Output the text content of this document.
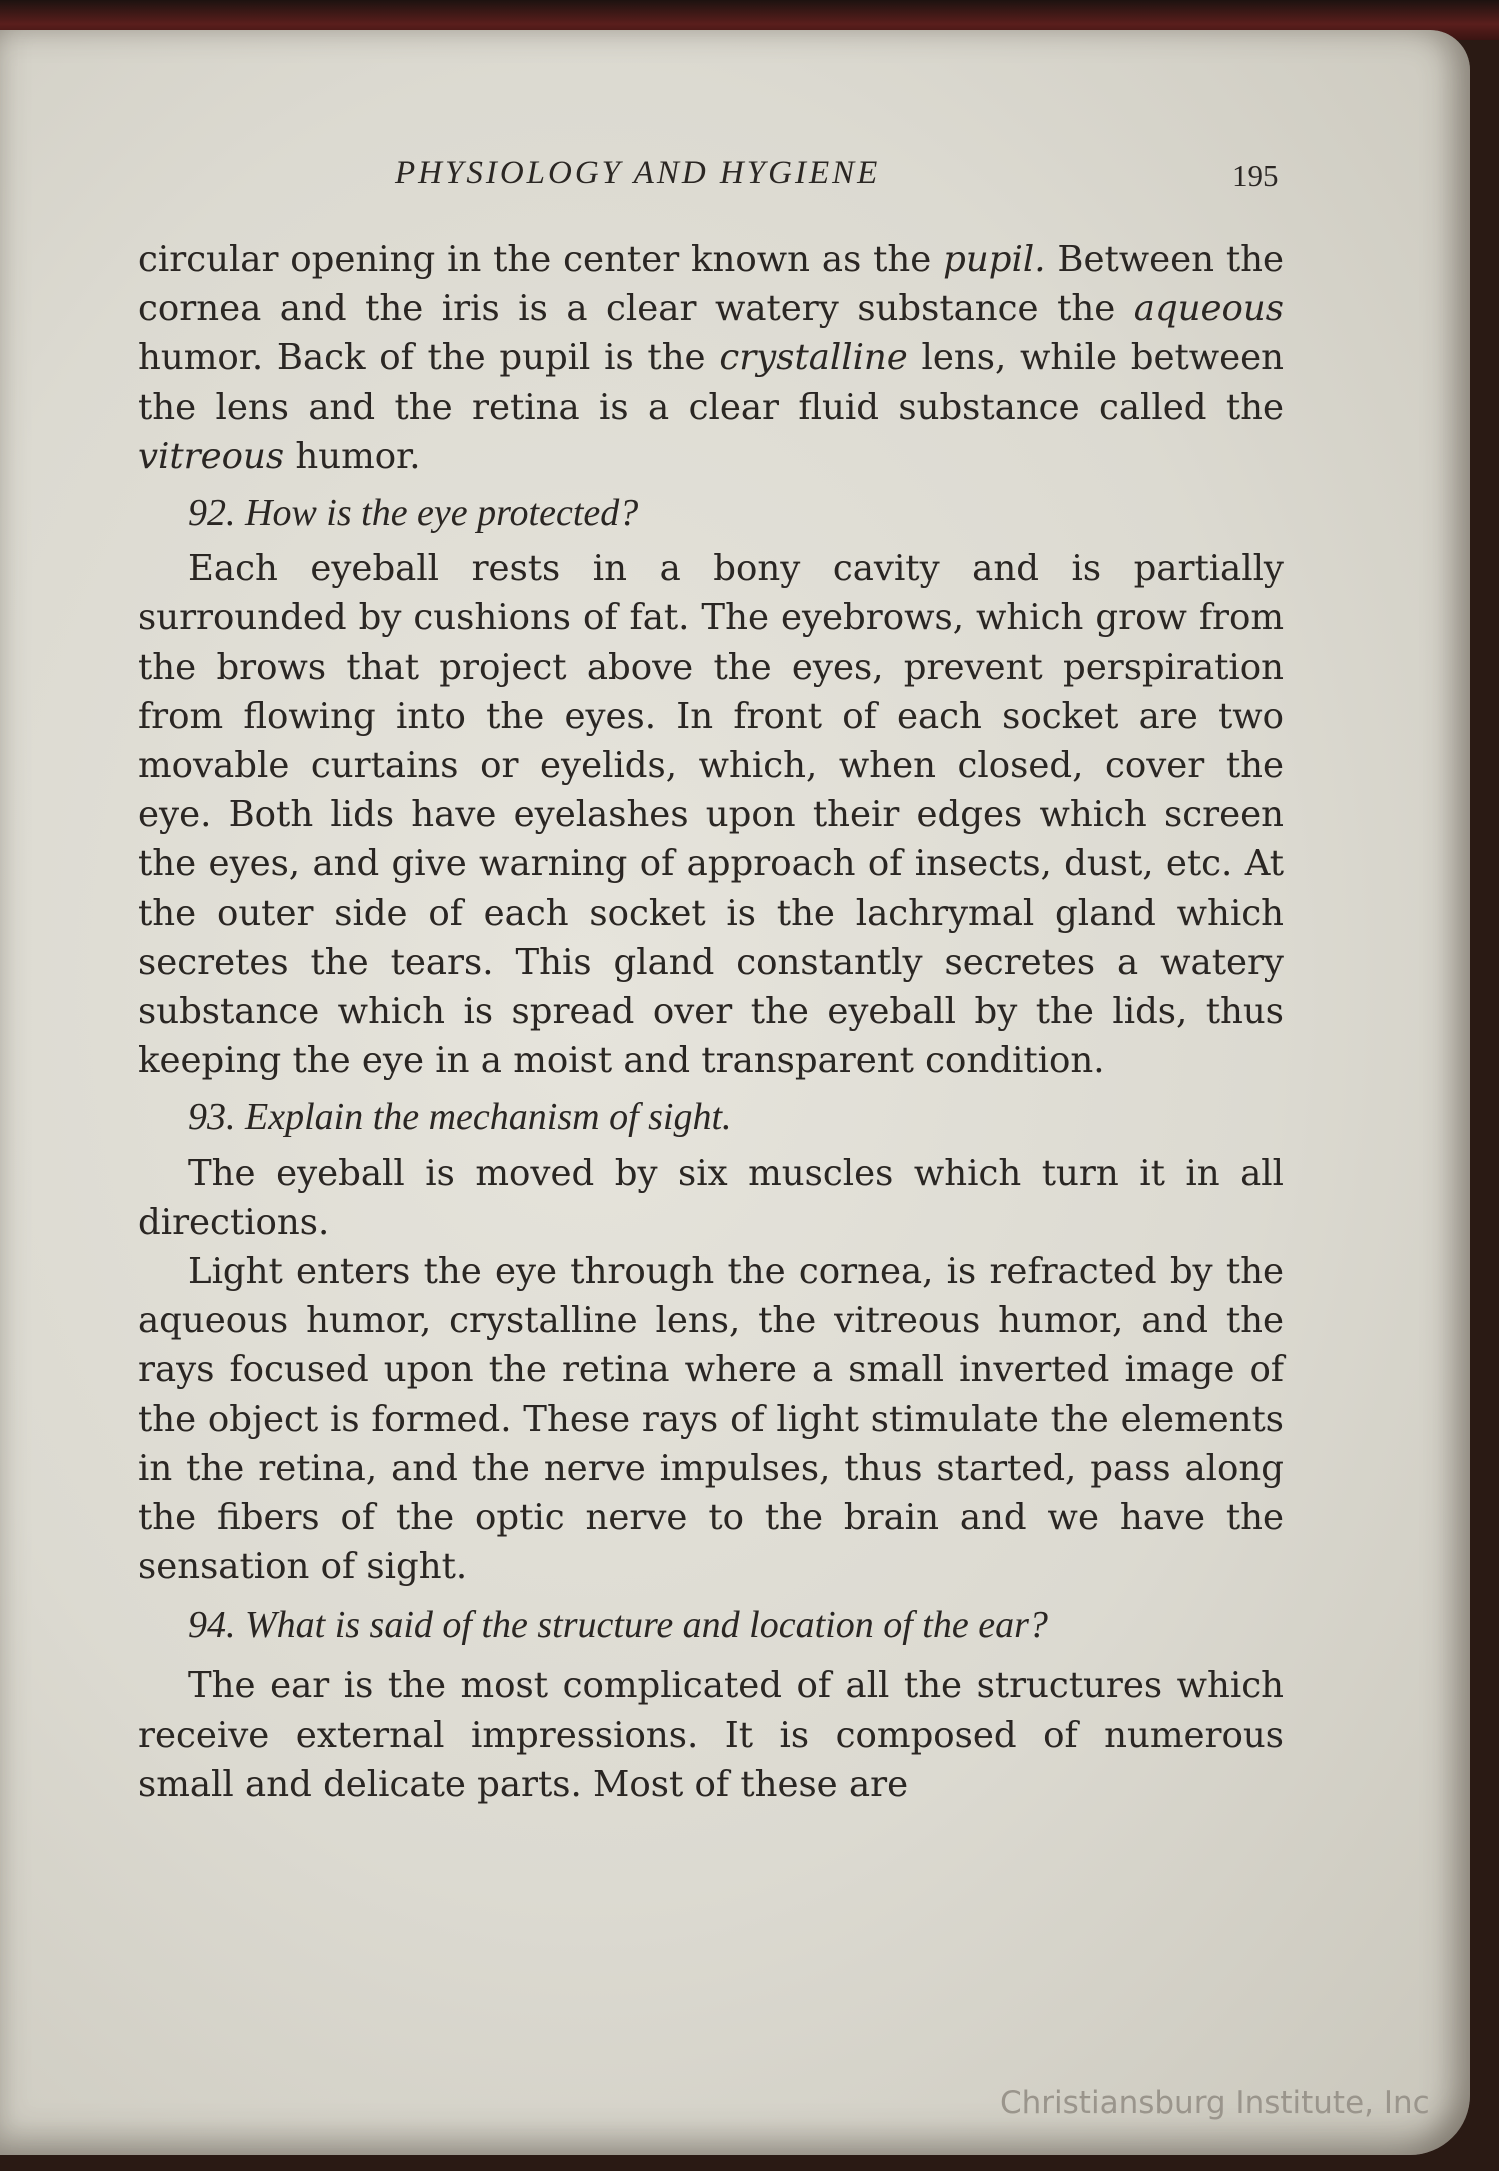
PHYSIOLOGY AND HYGIENE	195

circular opening in the center known as the pupil. Between the cornea and the iris is a clear watery substance the aqueous humor. Back of the pupil is the crystalline lens, while between the lens and the retina is a clear fluid substance called the vitreous humor.

92. How is the eye protected?

Each eyeball rests in a bony cavity and is partially surrounded by cushions of fat. The eyebrows, which grow from the brows that project above the eyes, prevent perspiration from flowing into the eyes. In front of each socket are two movable curtains or eyelids, which, when closed, cover the eye. Both lids have eyelashes upon their edges which screen the eyes, and give warning of approach of insects, dust, etc. At the outer side of each socket is the lachrymal gland which secretes the tears. This gland constantly secretes a watery substance which is spread over the eyeball by the lids, thus keeping the eye in a moist and transparent condition.

93. Explain the mechanism of sight.

The eyeball is moved by six muscles which turn it in all directions.

Light enters the eye through the cornea, is refracted by the aqueous humor, crystalline lens, the vitreous humor, and the rays focused upon the retina where a small inverted image of the object is formed. These rays of light stimulate the elements in the retina, and the nerve impulses, thus started, pass along the fibers of the optic nerve to the brain and we have the sensation of sight.

94. What is said of the structure and location of the ear?

The ear is the most complicated of all the structures which receive external impressions. It is composed of numerous small and delicate parts. Most of these are

Christiansburg Institute, Inc
